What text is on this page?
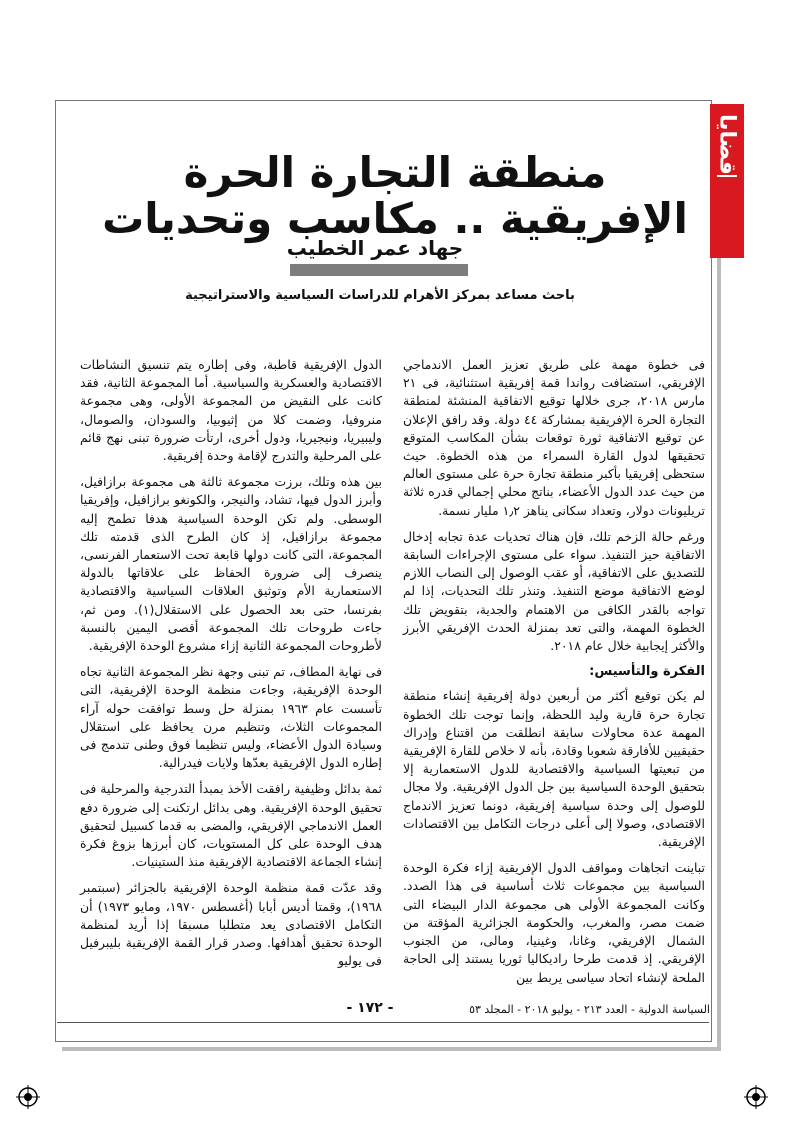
قضايا
منطقة التجارة الحرة الإفريقية .. مكاسب وتحديات

جهاد عمر الخطيب

باحث مساعد بمركز الأهرام للدراسات السياسية والاستراتيجية

فى خطوة مهمة على طريق تعزيز العمل الاندماجي الإفريقي، استضافت رواندا قمة إفريقية استثنائية، فى ٢١ مارس ٢٠١٨، جرى خلالها توقيع الاتفاقية المنشئة لمنطقة التجارة الحرة الإفريقية بمشاركة ٤٤ دولة. وقد رافق الإعلان عن توقيع الاتفاقية ثورة توقعات بشأن المكاسب المتوقع تحقيقها لدول القارة السمراء من هذه الخطوة. حيث ستحظى إفريقيا بأكبر منطقة تجارة حرة على مستوى العالم من حيث عدد الدول الأعضاء، بناتج محلي إجمالي قدره ثلاثة تريليونات دولار، وتعداد سكانى يناهز ١٫٢ مليار نسمة.

ورغم حالة الزخم تلك، فإن هناك تحديات عدة تجابه إدخال الاتفاقية حيز التنفيذ. سواء على مستوى الإجراءات السابقة للتصديق على الاتفاقية، أو عقب الوصول إلى النصاب اللازم لوضع الاتفاقية موضع التنفيذ. وتنذر تلك التحديات، إذا لم تواجه بالقدر الكافى من الاهتمام والجدية، بتقويض تلك الخطوة المهمة، والتى تعد بمنزلة الحدث الإفريقي الأبرز والأكثر إيجابية خلال عام ٢٠١٨.

الفكرة والتأسيس:

لم يكن توقيع أكثر من أربعين دولة إفريقية إنشاء منطقة تجارة حرة قارية وليد اللحظة، وإنما توجت تلك الخطوة المهمة عدة محاولات سابقة انطلقت من اقتناع وإدراك حقيقيين للأفارقة شعوبا وقادة، بأنه لا خلاص للقارة الإفريقية من تبعيتها السياسية والاقتصادية للدول الاستعمارية إلا بتحقيق الوحدة السياسية بين جل الدول الإفريقية. ولا مجال للوصول إلى وحدة سياسية إفريقية، دونما تعزيز الاندماج الاقتصادى، وصولا إلى أعلى درجات التكامل بين الاقتصادات الإفريقية.

تباينت اتجاهات ومواقف الدول الإفريقية إزاء فكرة الوحدة السياسية بين مجموعات ثلاث أساسية فى هذا الصدد. وكانت المجموعة الأولى هى مجموعة الدار البيضاء التى ضمت مصر، والمغرب، والحكومة الجزائرية المؤقتة من الشمال الإفريقي، وغانا، وغينيا، ومالى، من الجنوب الإفريقي. إذ قدمت طرحا راديكاليا ثوريا يستند إلى الحاجة الملحة لإنشاء اتحاد سياسى يربط بين

الدول الإفريقية قاطبة، وفى إطاره يتم تنسيق النشاطات الاقتصادية والعسكرية والسياسية. أما المجموعة الثانية، فقد كانت على النقيض من المجموعة الأولى، وهى مجموعة منروفيا، وضمت كلا من إثيوبيا، والسودان، والصومال، وليبيريا، ونيجيريا، ودول أخرى، ارتأت ضرورة تبنى نهج قائم على المرحلية والتدرج لإقامة وحدة إفريقية.

بين هذه وتلك، برزت مجموعة ثالثة هى مجموعة برازافيل، وأبرز الدول فيها، تشاد، والنيجر، والكونغو برازافيل، وإفريقيا الوسطى. ولم تكن الوحدة السياسية هدفا تطمح إليه مجموعة برازافيل، إذ كان الطرح الذى قدمته تلك المجموعة، التى كانت دولها قابعة تحت الاستعمار الفرنسى، ينصرف إلى ضرورة الحفاظ على علاقاتها بالدولة الاستعمارية الأم وتوثيق العلاقات السياسية والاقتصادية بفرنسا، حتى بعد الحصول على الاستقلال(١). ومن ثم، جاءت طروحات تلك المجموعة أقصى اليمين بالنسبة لأطروحات المجموعة الثانية إزاء مشروع الوحدة الإفريقية.

فى نهاية المطاف، تم تبنى وجهة نظر المجموعة الثانية تجاه الوحدة الإفريقية، وجاءت منظمة الوحدة الإفريقية، التى تأسست عام ١٩٦٣ بمنزلة حل وسط توافقت حوله آراء المجموعات الثلاث، وتنظيم مرن يحافظ على استقلال وسيادة الدول الأعضاء، وليس تنظيما فوق وطنى تندمج فى إطاره الدول الإفريقية بعدّها ولايات فيدرالية.

ثمة بدائل وظيفية رافقت الأخذ بمبدأ التدرجية والمرحلية فى تحقيق الوحدة الإفريقية. وهى بدائل ارتكنت إلى ضرورة دفع العمل الاندماجي الإفريقي، والمضى به قدما كسبيل لتحقيق هدف الوحدة على كل المستويات، كان أبرزها بزوغ فكرة إنشاء الجماعة الاقتصادية الإفريقية منذ الستينيات.

وقد عدّت قمة منظمة الوحدة الإفريقية بالجزائر (سبتمبر ١٩٦٨)، وقمتا أديس أبابا (أغسطس ١٩٧٠، ومايو ١٩٧٣) أن التكامل الاقتصادى يعد متطلبا مسبقا إذا أريد لمنظمة الوحدة تحقيق أهدافها. وصدر قرار القمة الإفريقية بليبرفيل فى يوليو

السياسة الدولية - العدد ٢١٣ - يوليو ٢٠١٨ - المجلد ٥٣
- ١٧٢ -
